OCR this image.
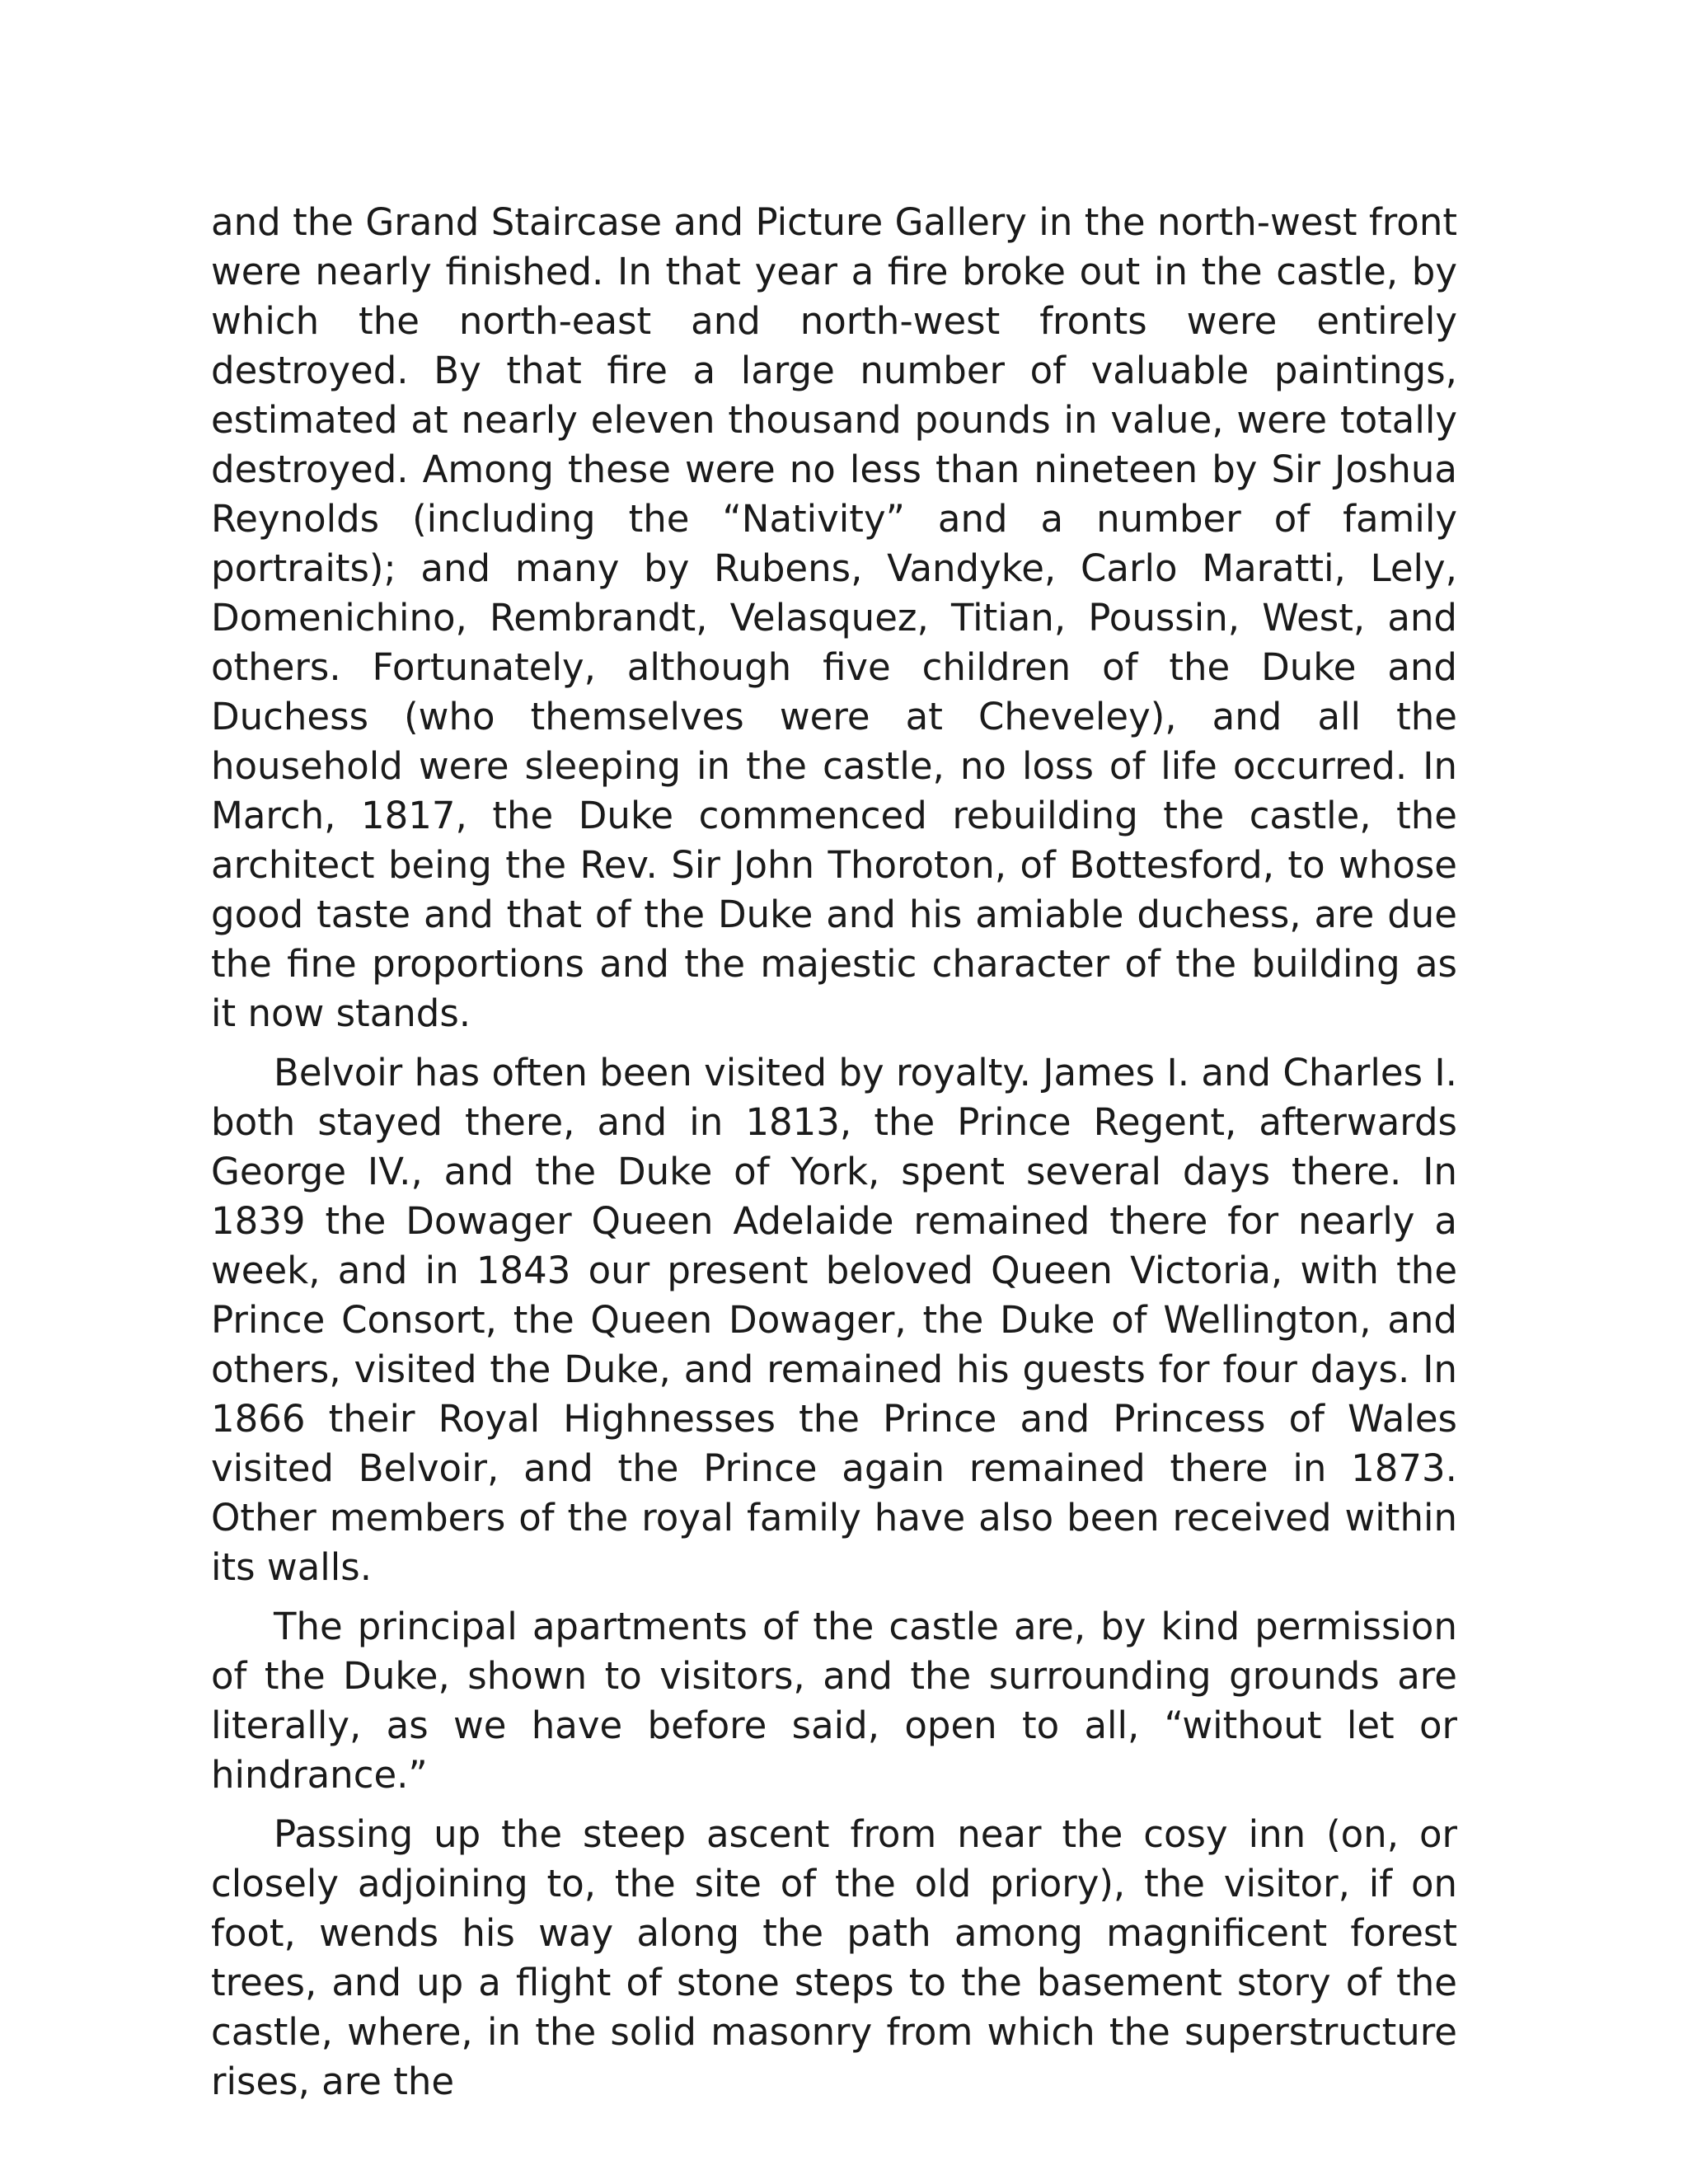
and the Grand Staircase and Picture Gallery in the north-west front were nearly finished. In that year a fire broke out in the castle, by which the north-east and north-west fronts were entirely destroyed. By that fire a large number of valuable paintings, estimated at nearly eleven thousand pounds in value, were totally destroyed. Among these were no less than nineteen by Sir Joshua Reynolds (including the “Nativity” and a number of family portraits); and many by Rubens, Vandyke, Carlo Maratti, Lely, Domenichino, Rembrandt, Velasquez, Titian, Poussin, West, and others. Fortunately, although five children of the Duke and Duchess (who themselves were at Cheveley), and all the household were sleeping in the castle, no loss of life occurred. In March, 1817, the Duke commenced rebuilding the castle, the architect being the Rev. Sir John Thoroton, of Bottesford, to whose good taste and that of the Duke and his amiable duchess, are due the fine proportions and the majestic character of the building as it now stands.

Belvoir has often been visited by royalty. James I. and Charles I. both stayed there, and in 1813, the Prince Regent, afterwards George IV., and the Duke of York, spent several days there. In 1839 the Dowager Queen Adelaide remained there for nearly a week, and in 1843 our present beloved Queen Victoria, with the Prince Consort, the Queen Dowager, the Duke of Wellington, and others, visited the Duke, and remained his guests for four days. In 1866 their Royal Highnesses the Prince and Princess of Wales visited Belvoir, and the Prince again remained there in 1873. Other members of the royal family have also been received within its walls.

The principal apartments of the castle are, by kind permission of the Duke, shown to visitors, and the surrounding grounds are literally, as we have before said, open to all, “without let or hindrance.”

Passing up the steep ascent from near the cosy inn (on, or closely adjoining to, the site of the old priory), the visitor, if on foot, wends his way along the path among magnificent forest trees, and up a flight of stone steps to the basement story of the castle, where, in the solid masonry from which the superstructure rises, are the
